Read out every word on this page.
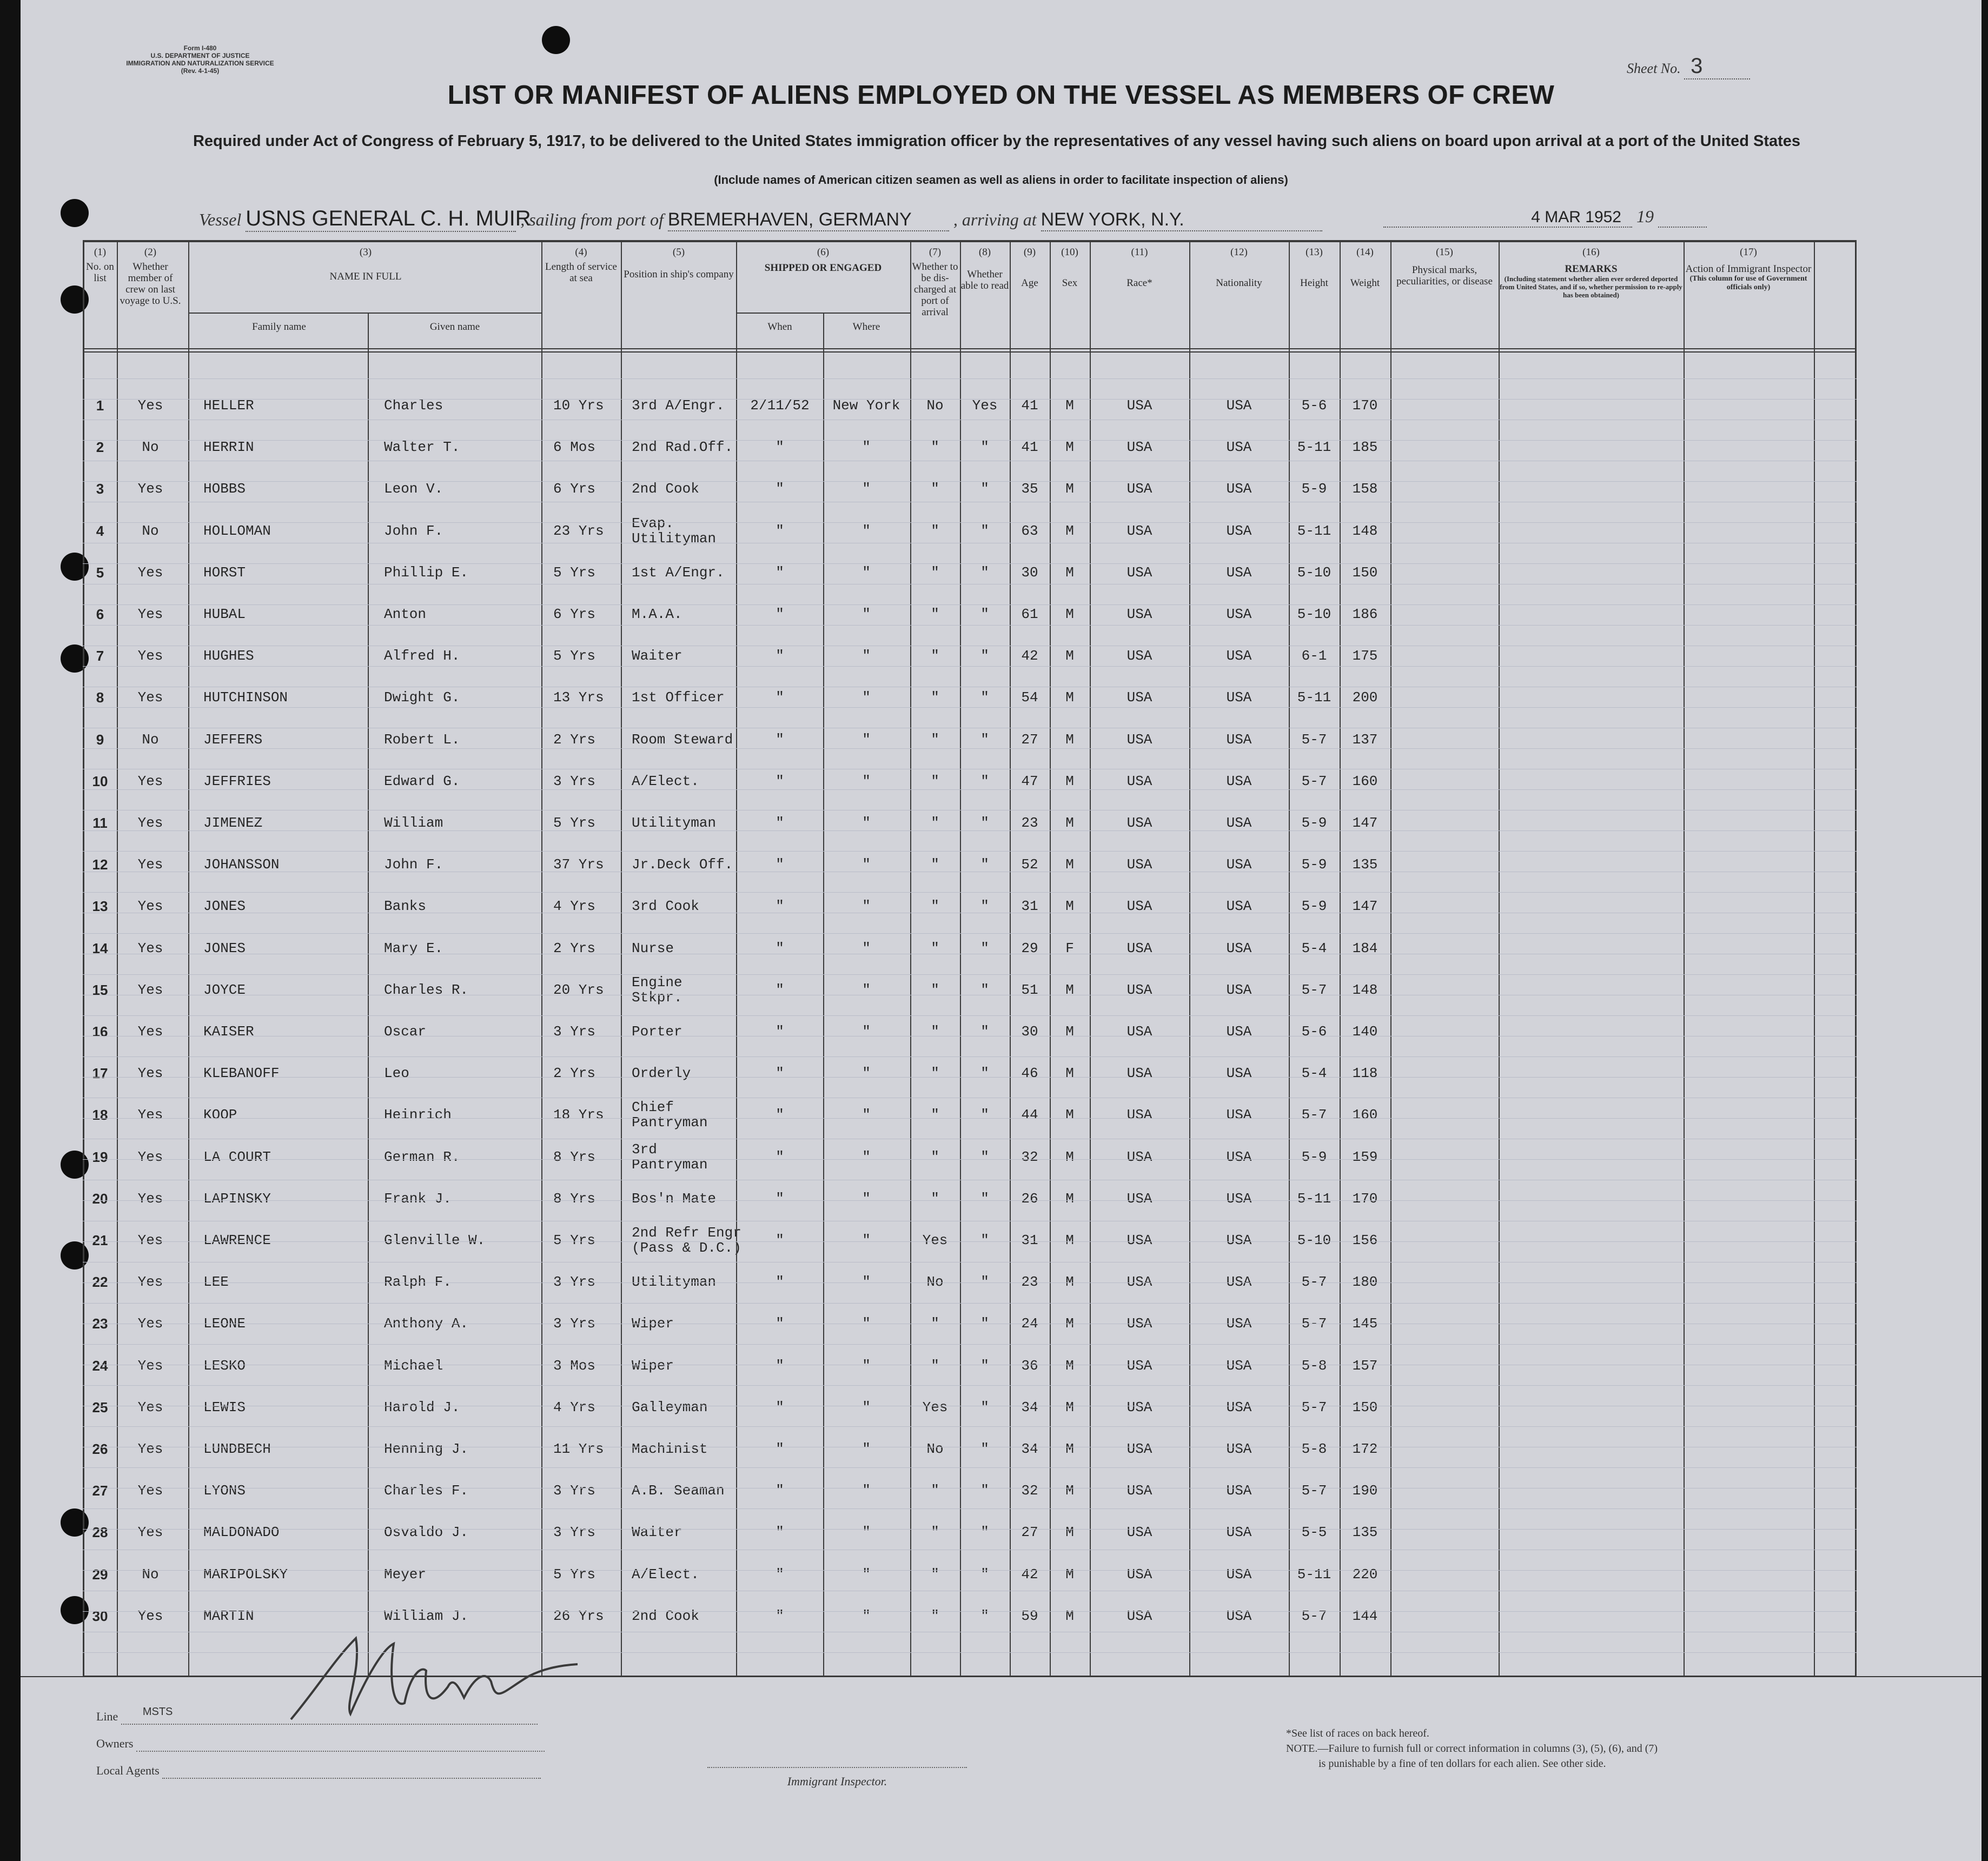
Form I-480
U.S. DEPARTMENT OF JUSTICE
IMMIGRATION AND NATURALIZATION SERVICE
(Rev. 4-1-45)	Sheet No. 3
LIST OR MANIFEST OF ALIENS EMPLOYED ON THE VESSEL AS MEMBERS OF CREW
Required under Act of Congress of February 5, 1917, to be delivered to the United States immigration officer by the representatives of any vessel having such aliens on board upon arrival at a port of the United States
(Include names of American citizen seamen as well as aliens in order to facilitate inspection of aliens)
Vessel USNS GENERAL C. H. MUIR , sailing from port of BREMERHAVEN, GERMANY , arriving at NEW YORK, N.Y.	4 MAR 1952 19
1	Yes	HELLER	Charles	10 Yrs	3rd A/Engr.	2/11/52	New York	No	Yes	41	M	USA	USA	5-6	170
2	No	HERRIN	Walter T.	6 Mos	2nd Rad.Off.	"	"	"	"	41	M	USA	USA	5-11	185
3	Yes	HOBBS	Leon V.	6 Yrs	2nd Cook	"	"	"	"	35	M	USA	USA	5-9	158
4	No	HOLLOMAN	John F.	23 Yrs	Evap.
Utilityman	"	"	"	"	63	M	USA	USA	5-11	148
5	Yes	HORST	Phillip E.	5 Yrs	1st A/Engr.	"	"	"	"	30	M	USA	USA	5-10	150
6	Yes	HUBAL	Anton	6 Yrs	M.A.A.	"	"	"	"	61	M	USA	USA	5-10	186
7	Yes	HUGHES	Alfred H.	5 Yrs	Waiter	"	"	"	"	42	M	USA	USA	6-1	175
8	Yes	HUTCHINSON	Dwight G.	13 Yrs	1st Officer	"	"	"	"	54	M	USA	USA	5-11	200
9	No	JEFFERS	Robert L.	2 Yrs	Room Steward	"	"	"	"	27	M	USA	USA	5-7	137
10	Yes	JEFFRIES	Edward G.	3 Yrs	A/Elect.	"	"	"	"	47	M	USA	USA	5-7	160
11	Yes	JIMENEZ	William	5 Yrs	Utilityman	"	"	"	"	23	M	USA	USA	5-9	147
12	Yes	JOHANSSON	John F.	37 Yrs	Jr.Deck Off.	"	"	"	"	52	M	USA	USA	5-9	135
13	Yes	JONES	Banks	4 Yrs	3rd Cook	"	"	"	"	31	M	USA	USA	5-9	147
14	Yes	JONES	Mary E.	2 Yrs	Nurse	"	"	"	"	29	F	USA	USA	5-4	184
15	Yes	JOYCE	Charles R.	20 Yrs	Engine
Stkpr.	"	"	"	"	51	M	USA	USA	5-7	148
16	Yes	KAISER	Oscar	3 Yrs	Porter	"	"	"	"	30	M	USA	USA	5-6	140
17	Yes	KLEBANOFF	Leo	2 Yrs	Orderly	"	"	"	"	46	M	USA	USA	5-4	118
18	Yes	KOOP	Heinrich	18 Yrs	Chief
Pantryman	"	"	"	"	44	M	USA	USA	5-7	160
19	Yes	LA COURT	German R.	8 Yrs	3rd
Pantryman	"	"	"	"	32	M	USA	USA	5-9	159
20	Yes	LAPINSKY	Frank J.	8 Yrs	Bos'n Mate	"	"	"	"	26	M	USA	USA	5-11	170
21	Yes	LAWRENCE	Glenville W.	5 Yrs	2nd Refr Engr
(Pass & D.C.)	"	"	Yes	"	31	M	USA	USA	5-10	156
22	Yes	LEE	Ralph F.	3 Yrs	Utilityman	"	"	No	"	23	M	USA	USA	5-7	180
23	Yes	LEONE	Anthony A.	3 Yrs	Wiper	"	"	"	"	24	M	USA	USA	5-7	145
24	Yes	LESKO	Michael	3 Mos	Wiper	"	"	"	"	36	M	USA	USA	5-8	157
25	Yes	LEWIS	Harold J.	4 Yrs	Galleyman	"	"	Yes	"	34	M	USA	USA	5-7	150
26	Yes	LUNDBECH	Henning J.	11 Yrs	Machinist	"	"	No	"	34	M	USA	USA	5-8	172
27	Yes	LYONS	Charles F.	3 Yrs	A.B. Seaman	"	"	"	"	32	M	USA	USA	5-7	190
28	Yes	MALDONADO	Osvaldo J.	3 Yrs	Waiter	"	"	"	"	27	M	USA	USA	5-5	135
29	No	MARIPOLSKY	Meyer	5 Yrs	A/Elect.	"	"	"	"	42	M	USA	USA	5-11	220
30	Yes	MARTIN	William J.	26 Yrs	2nd Cook	"	"	"	"	59	M	USA	USA	5-7	144
(1)
No. on list
(2)
Whether member of crew on last voyage to U.S.
(3)
NAME IN FULL
Family name	Given name
(4)
Length of service at sea
(5)
Position in ship's company
(6)
SHIPPED OR ENGAGED
When	Where
(7)
Whether to be dis-charged at port of arrival
(8)
Whether able to read
(9)
Age
(10)
Sex
(11)
Race*
(12)
Nationality
(13)
Height
(14)
Weight
(15)
Physical marks, peculiarities, or disease
(16)
REMARKS
(Including statement whether alien ever ordered deported from United States, and if so, whether permission to re-apply has been obtained)
(17)
Action of Immigrant Inspector
(This column for use of Government officials only)
Line MSTS
Owners
Local Agents
Immigrant Inspector.
*See list of races on back hereof.
NOTE.—Failure to furnish full or correct information in columns (3), (5), (6), and (7)
is punishable by a fine of ten dollars for each alien. See other side.
